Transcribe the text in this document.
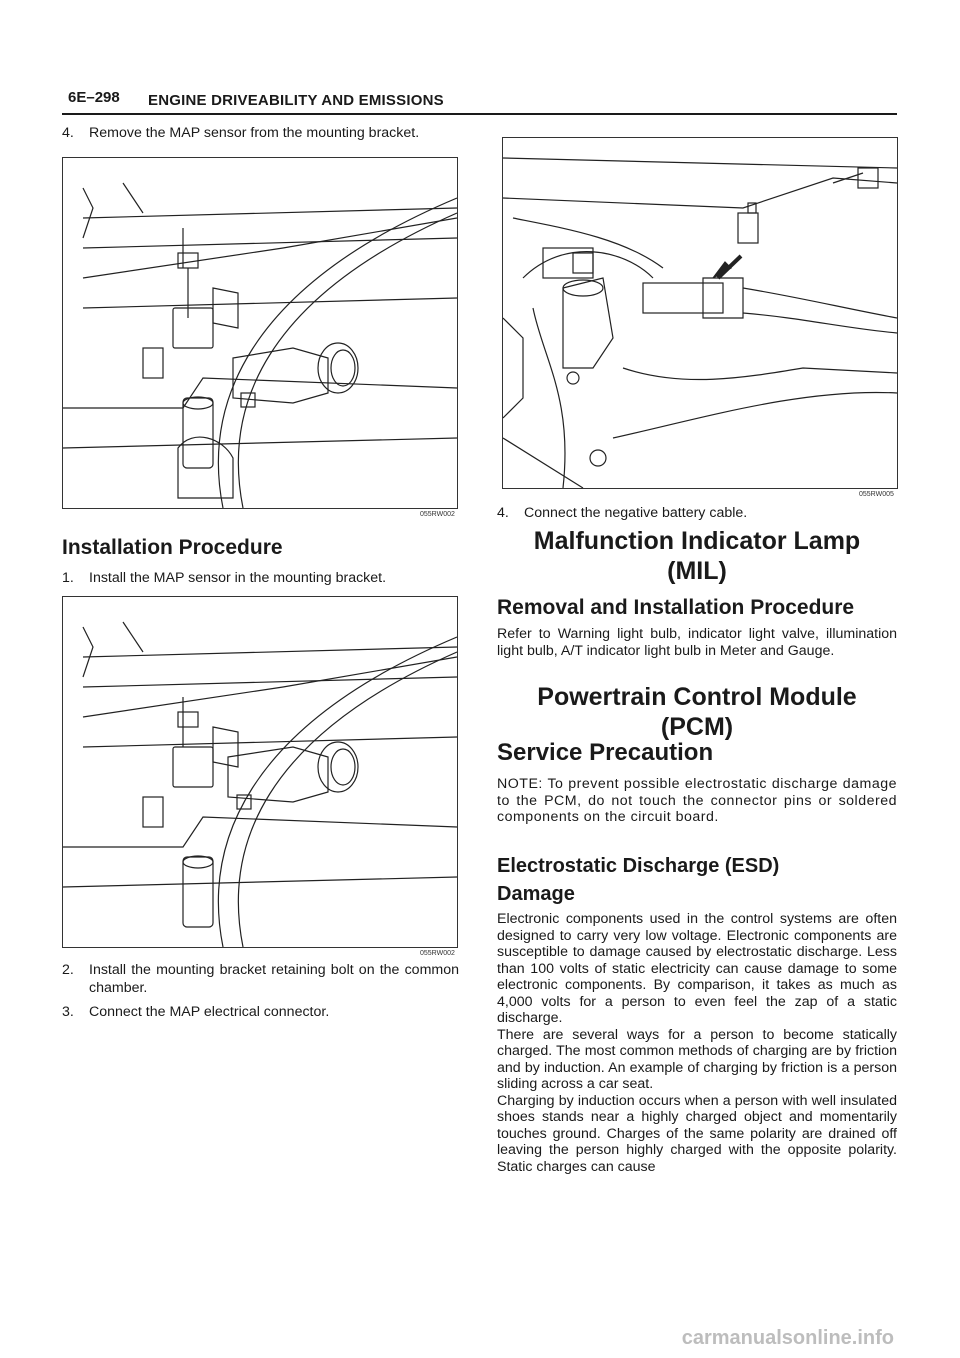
6E–298 ENGINE DRIVEABILITY AND EMISSIONS
4. Remove the MAP sensor from the mounting bracket.
055RW002
Installation Procedure
1. Install the MAP sensor in the mounting bracket.
055RW002
2. Install the mounting bracket retaining bolt on the common chamber.
3. Connect the MAP electrical connector.
055RW005
4. Connect the negative battery cable.
Malfunction Indicator Lamp
(MIL)
Removal and Installation Procedure

Refer to Warning light bulb, indicator light valve, illumination light bulb, A/T indicator light bulb in Meter and Gauge.

Powertrain Control Module
(PCM)
Service Precaution

NOTE: To prevent possible electrostatic discharge damage to the PCM, do not touch the connector pins or soldered components on the circuit board.

Electrostatic Discharge (ESD)
Damage

Electronic components used in the control systems are often designed to carry very low voltage. Electronic components are susceptible to damage caused by electrostatic discharge. Less than 100 volts of static electricity can cause damage to some electronic components. By comparison, it takes as much as 4,000 volts for a person to even feel the zap of a static discharge.

There are several ways for a person to become statically charged. The most common methods of charging are by friction and by induction. An example of charging by friction is a person sliding across a car seat.

Charging by induction occurs when a person with well insulated shoes stands near a highly charged object and momentarily touches ground. Charges of the same polarity are drained off leaving the person highly charged with the opposite polarity. Static charges can cause

carmanualsonline.info
